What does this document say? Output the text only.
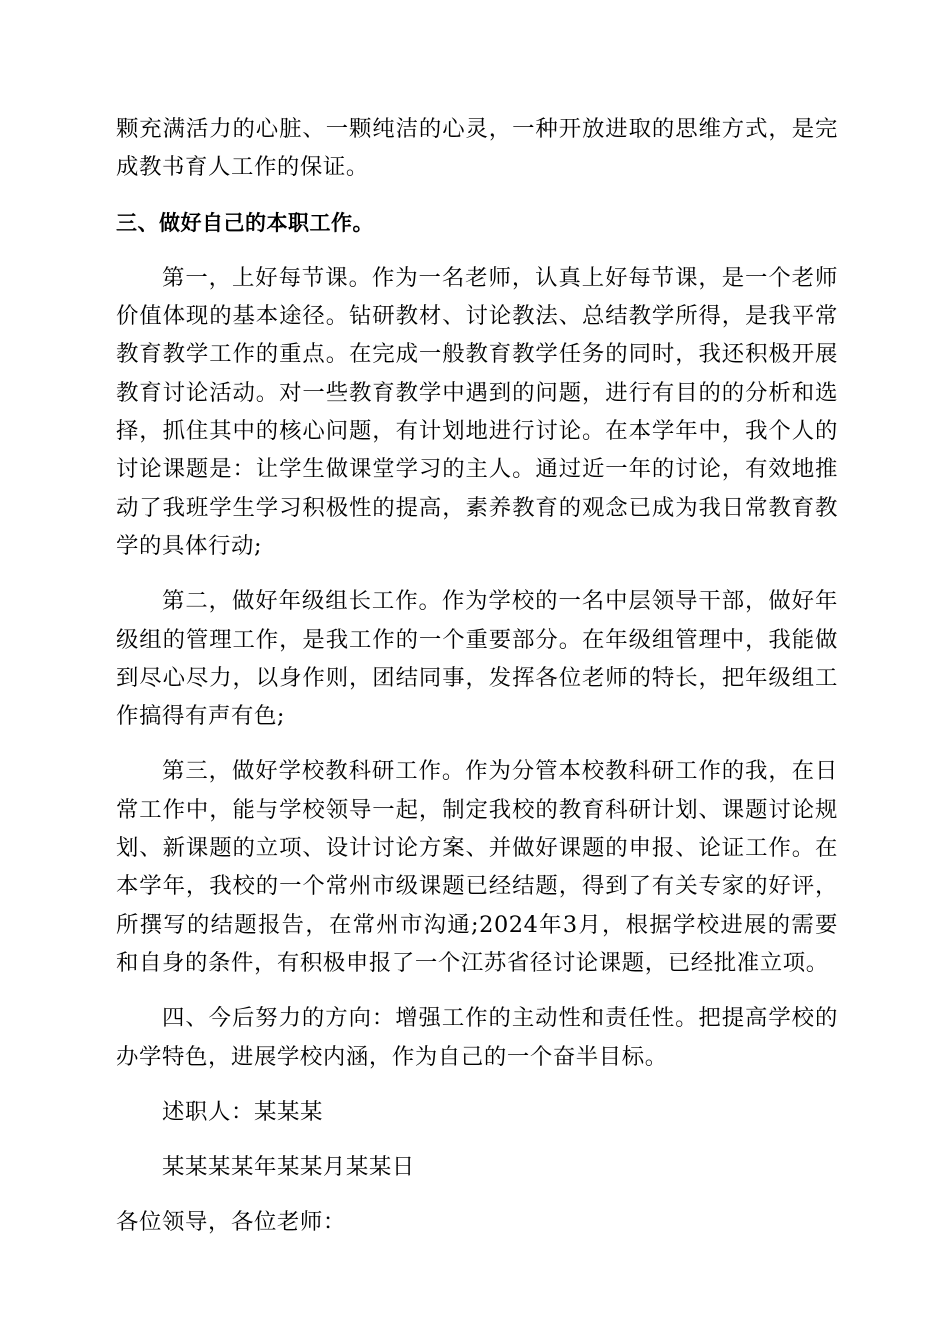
颗充满活力的心脏、一颗纯洁的心灵，一种开放进取的思维方式，是完成教书育人工作的保证。

三、做好自己的本职工作。

第一，上好每节课。作为一名老师，认真上好每节课，是一个老师价值体现的基本途径。钻研教材、讨论教法、总结教学所得，是我平常教育教学工作的重点。在完成一般教育教学任务的同时，我还积极开展教育讨论活动。对一些教育教学中遇到的问题，进行有目的的分析和选择，抓住其中的核心问题，有计划地进行讨论。在本学年中，我个人的讨论课题是：让学生做课堂学习的主人。通过近一年的讨论，有效地推动了我班学生学习积极性的提高，素养教育的观念已成为我日常教育教学的具体行动;

第二，做好年级组长工作。作为学校的一名中层领导干部，做好年级组的管理工作，是我工作的一个重要部分。在年级组管理中，我能做到尽心尽力，以身作则，团结同事，发挥各位老师的特长，把年级组工作搞得有声有色;

第三，做好学校教科研工作。作为分管本校教科研工作的我，在日常工作中，能与学校领导一起，制定我校的教育科研计划、课题讨论规划、新课题的立项、设计讨论方案、并做好课题的申报、论证工作。在本学年，我校的一个常州市级课题已经结题，得到了有关专家的好评，所撰写的结题报告，在常州市沟通;2024年3月，根据学校进展的需要和自身的条件，有积极申报了一个江苏省径讨论课题，已经批准立项。

四、今后努力的方向：增强工作的主动性和责任性。把提高学校的办学特色，进展学校内涵，作为自己的一个奋半目标。

述职人：某某某

某某某某年某某月某某日

各位领导，各位老师：
